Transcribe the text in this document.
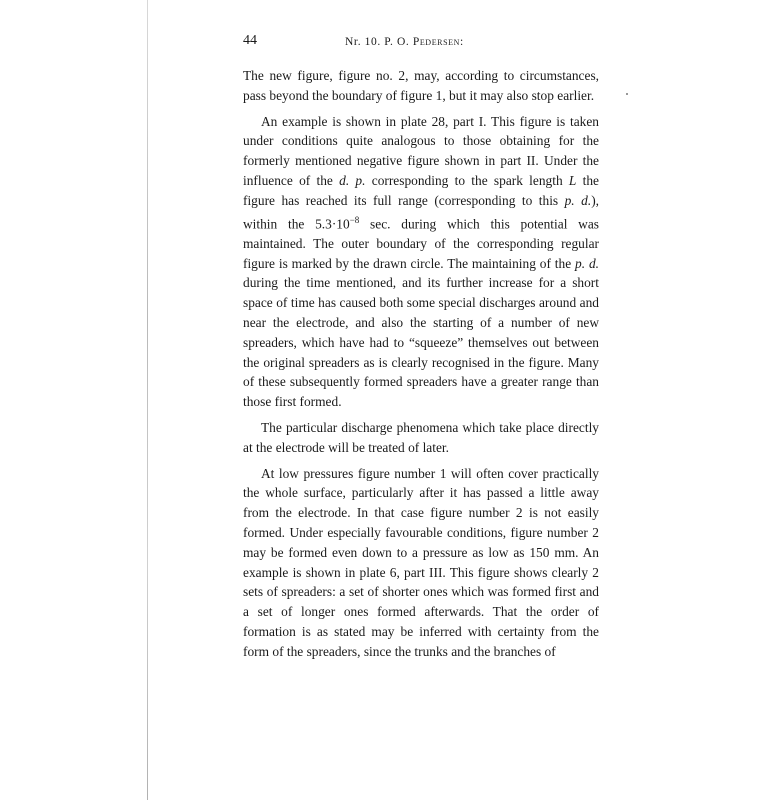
44	Nr. 10. P. O. Pedersen:

The new figure, figure no. 2, may, according to circumstances, pass beyond the boundary of figure 1, but it may also stop earlier.

An example is shown in plate 28, part I. This figure is taken under conditions quite analogous to those obtaining for the formerly mentioned negative figure shown in part II. Under the influence of the d. p. corresponding to the spark length L the figure has reached its full range (corresponding to this p. d.), within the $5.3\cdot 10^{-8}$ sec. during which this potential was maintained. The outer boundary of the corresponding regular figure is marked by the drawn circle. The maintaining of the p. d. during the time mentioned, and its further increase for a short space of time has caused both some special discharges around and near the electrode, and also the starting of a number of new spreaders, which have had to “squeeze” themselves out between the original spreaders as is clearly recognised in the figure. Many of these subsequently formed spreaders have a greater range than those first formed.

The particular discharge phenomena which take place directly at the electrode will be treated of later.

At low pressures figure number 1 will often cover practically the whole surface, particularly after it has passed a little away from the electrode. In that case figure number 2 is not easily formed. Under especially favourable conditions, figure number 2 may be formed even down to a pressure as low as 150 mm. An example is shown in plate 6, part III. This figure shows clearly 2 sets of spreaders: a set of shorter ones which was formed first and a set of longer ones formed afterwards. That the order of formation is as stated may be inferred with certainty from the form of the spreaders, since the trunks and the branches of
